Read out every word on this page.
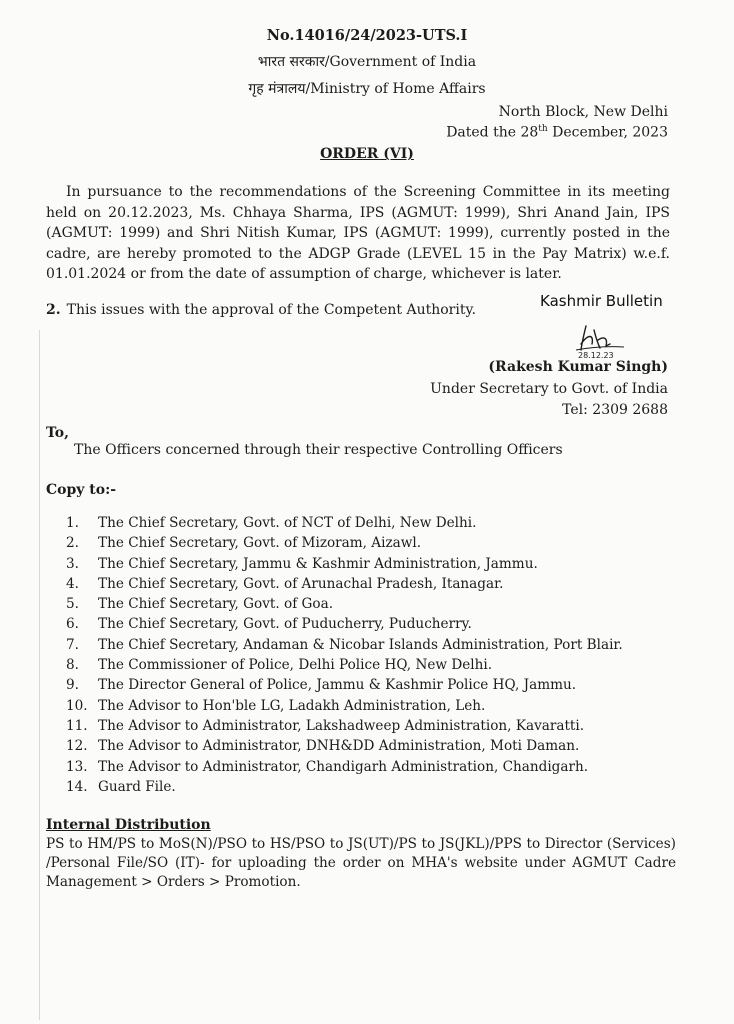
No.14016/24/2023-UTS.I
भारत सरकार/Government of India
गृह मंत्रालय/Ministry of Home Affairs
North Block, New Delhi
Dated the 28th December, 2023
ORDER (VI)
In pursuance to the recommendations of the Screening Committee in its meeting held on 20.12.2023, Ms. Chhaya Sharma, IPS (AGMUT: 1999), Shri Anand Jain, IPS (AGMUT: 1999) and Shri Nitish Kumar, IPS (AGMUT: 1999), currently posted in the cadre, are hereby promoted to the ADGP Grade (LEVEL 15 in the Pay Matrix) w.e.f. 01.01.2024 or from the date of assumption of charge, whichever is later.
2. This issues with the approval of the Competent Authority.	Kashmir Bulletin
28.12.23
(Rakesh Kumar Singh)
Under Secretary to Govt. of India
Tel: 2309 2688
To,
The Officers concerned through their respective Controlling Officers
Copy to:-
1.	The Chief Secretary, Govt. of NCT of Delhi, New Delhi.
2.	The Chief Secretary, Govt. of Mizoram, Aizawl.
3.	The Chief Secretary, Jammu & Kashmir Administration, Jammu.
4.	The Chief Secretary, Govt. of Arunachal Pradesh, Itanagar.
5.	The Chief Secretary, Govt. of Goa.
6.	The Chief Secretary, Govt. of Puducherry, Puducherry.
7.	The Chief Secretary, Andaman & Nicobar Islands Administration, Port Blair.
8.	The Commissioner of Police, Delhi Police HQ, New Delhi.
9.	The Director General of Police, Jammu & Kashmir Police HQ, Jammu.
10. The Advisor to Hon'ble LG, Ladakh Administration, Leh.
11. The Advisor to Administrator, Lakshadweep Administration, Kavaratti.
12. The Advisor to Administrator, DNH&DD Administration, Moti Daman.
13. The Advisor to Administrator, Chandigarh Administration, Chandigarh.
14. Guard File.
Internal Distribution
PS to HM/PS to MoS(N)/PSO to HS/PSO to JS(UT)/PS to JS(JKL)/PPS to Director (Services) /Personal File/SO (IT)- for uploading the order on MHA's website under AGMUT Cadre Management > Orders > Promotion.
